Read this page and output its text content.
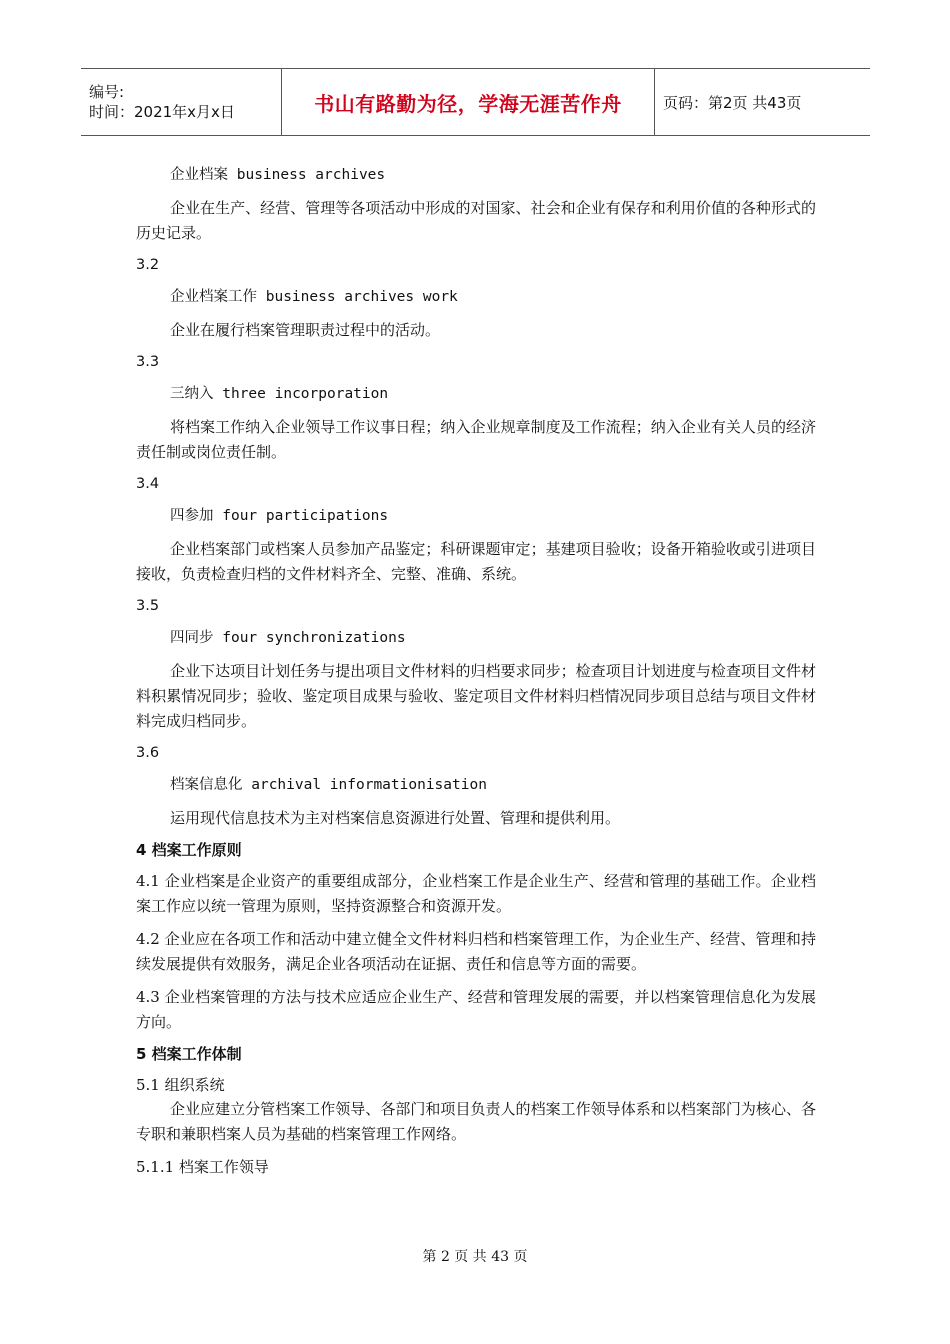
编号:
时间：2021年x月x日	书山有路勤为径，学海无涯苦作舟	页码：第2页 共43页
企业档案 business archives
企业在生产、经营、管理等各项活动中形成的对国家、社会和企业有保存和利用价值的各种形式的历史记录。
3.2
企业档案工作 business archives work
企业在履行档案管理职责过程中的活动。
3.3
三纳入 three incorporation
将档案工作纳入企业领导工作议事日程；纳入企业规章制度及工作流程；纳入企业有关人员的经济责任制或岗位责任制。
3.4
四参加 four participations
企业档案部门或档案人员参加产品鉴定；科研课题审定；基建项目验收；设备开箱验收或引进项目接收，负责检查归档的文件材料齐全、完整、准确、系统。
3.5
四同步 four synchronizations
企业下达项目计划任务与提出项目文件材料的归档要求同步；检查项目计划进度与检查项目文件材料积累情况同步；验收、鉴定项目成果与验收、鉴定项目文件材料归档情况同步项目总结与项目文件材料完成归档同步。
3.6
档案信息化 archival informationisation
运用现代信息技术为主对档案信息资源进行处置、管理和提供利用。
4 档案工作原则
4.1 企业档案是企业资产的重要组成部分，企业档案工作是企业生产、经营和管理的基础工作。企业档案工作应以统一管理为原则，坚持资源整合和资源开发。
4.2 企业应在各项工作和活动中建立健全文件材料归档和档案管理工作，为企业生产、经营、管理和持续发展提供有效服务，满足企业各项活动在证据、责任和信息等方面的需要。
4.3 企业档案管理的方法与技术应适应企业生产、经营和管理发展的需要，并以档案管理信息化为发展方向。
5 档案工作体制
5.1 组织系统
企业应建立分管档案工作领导、各部门和项目负责人的档案工作领导体系和以档案部门为核心、各专职和兼职档案人员为基础的档案管理工作网络。
5.1.1 档案工作领导
第 2 页 共 43 页
